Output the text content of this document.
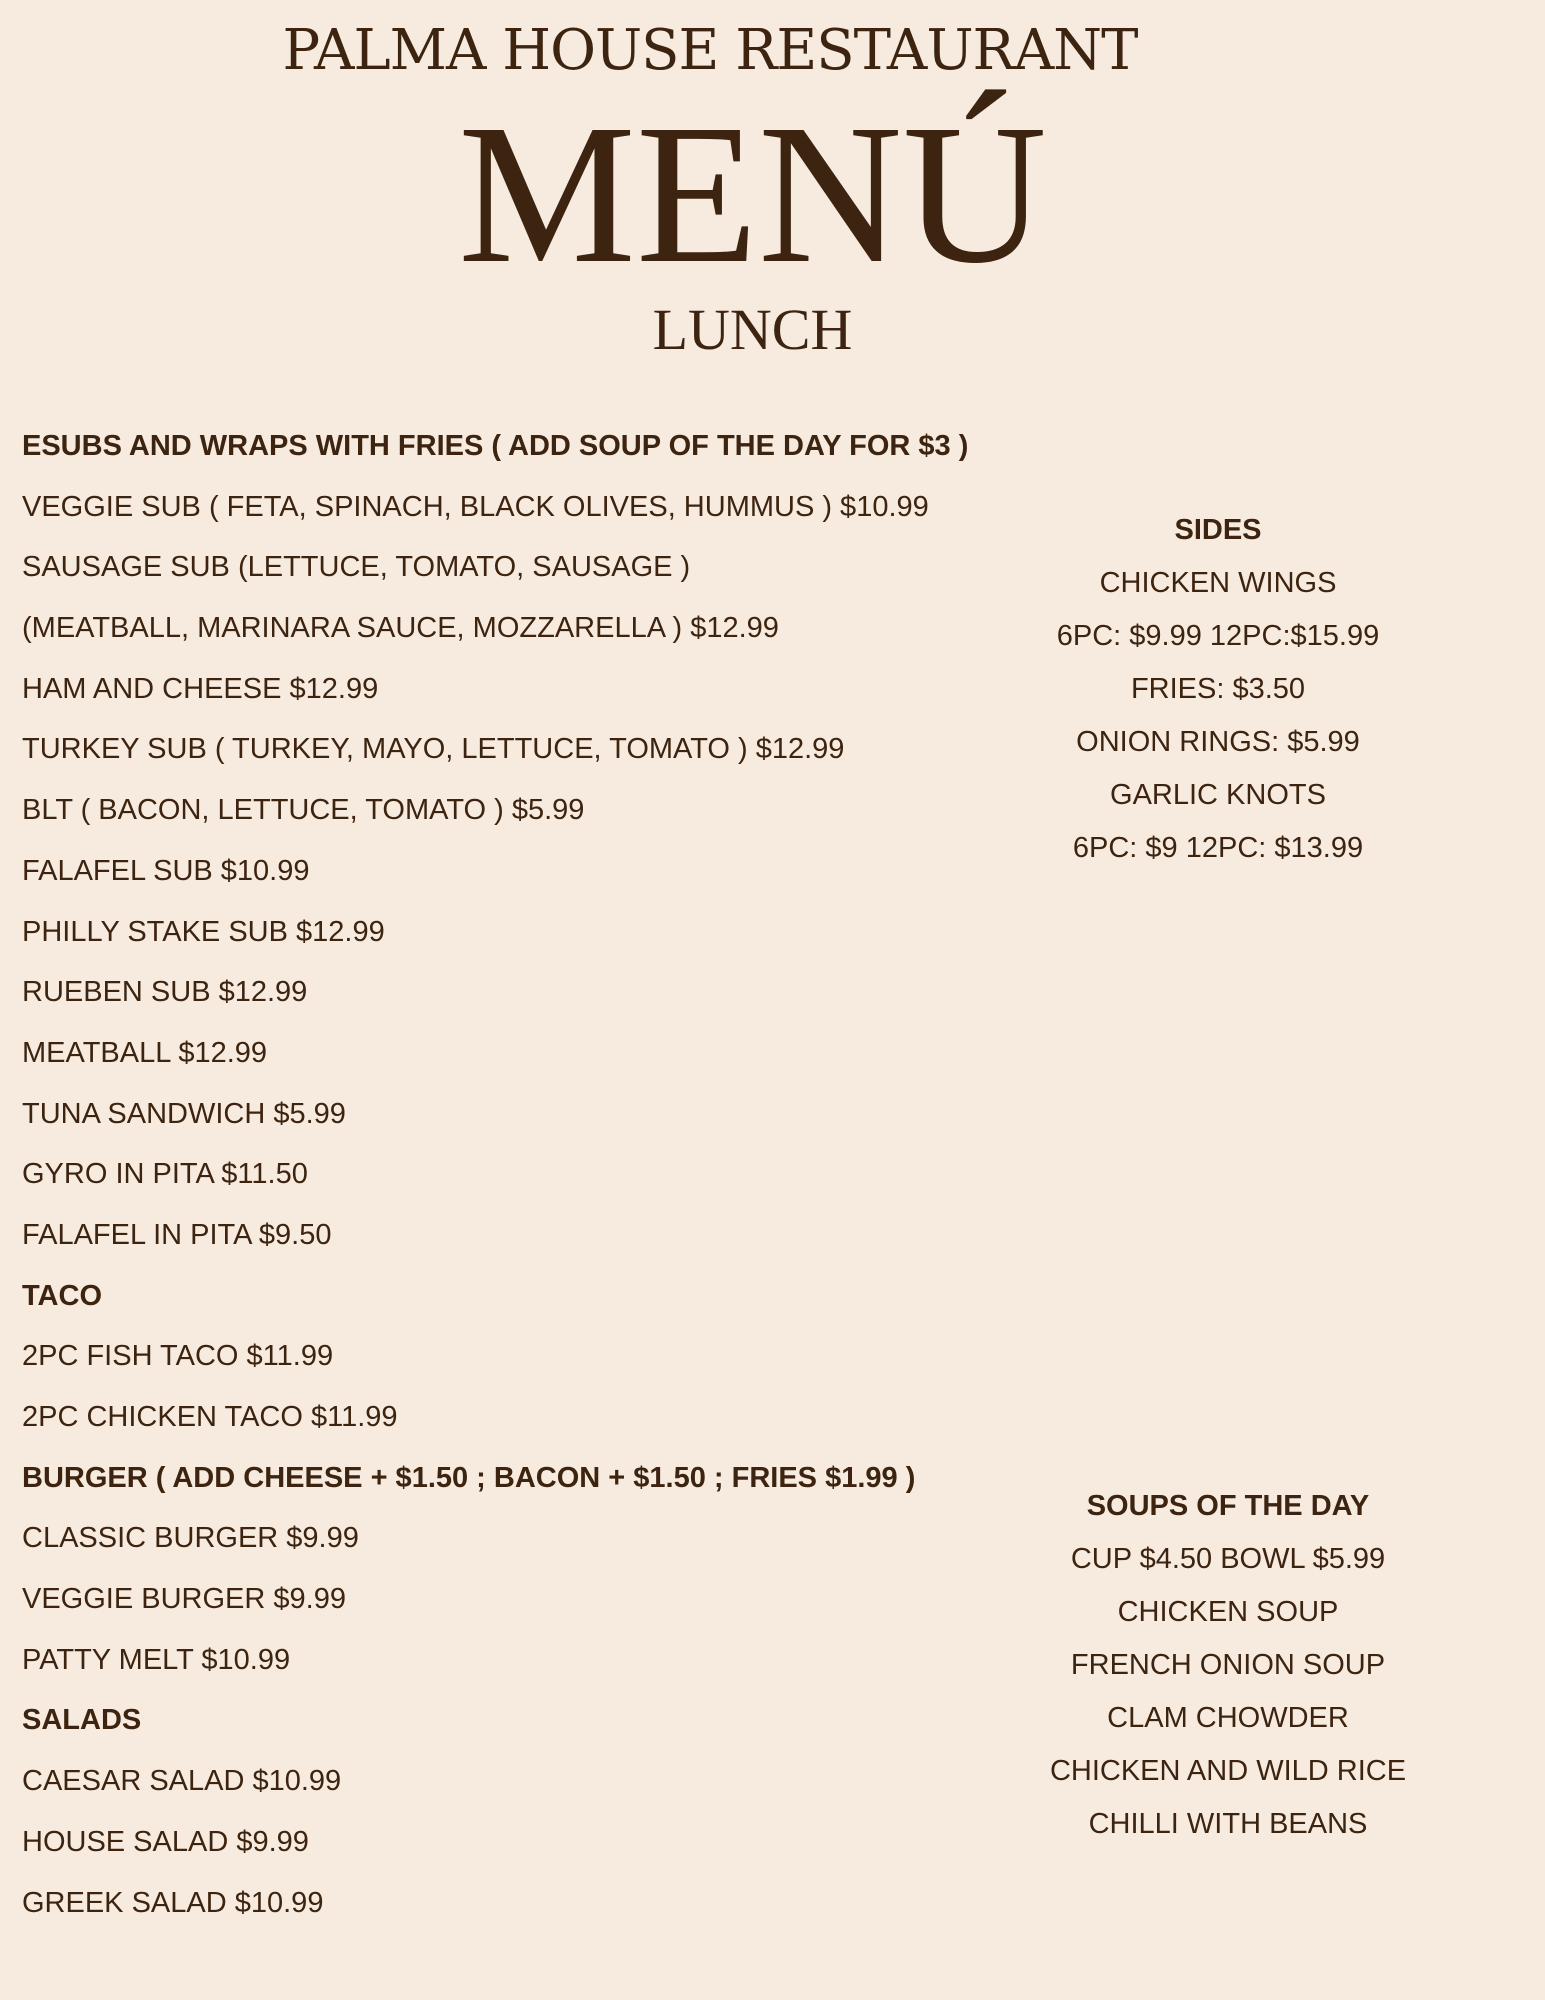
PALMA HOUSE RESTAURANT
MENÚ
LUNCH
ESUBS AND WRAPS WITH FRIES ( ADD SOUP OF THE DAY FOR $3 )
VEGGIE SUB ( FETA, SPINACH, BLACK OLIVES, HUMMUS ) $10.99
SAUSAGE SUB (LETTUCE, TOMATO, SAUSAGE )
(MEATBALL, MARINARA SAUCE, MOZZARELLA ) $12.99
HAM AND CHEESE $12.99
TURKEY SUB ( TURKEY, MAYO, LETTUCE, TOMATO ) $12.99
BLT ( BACON, LETTUCE, TOMATO ) $5.99
FALAFEL SUB $10.99
PHILLY STAKE SUB $12.99
RUEBEN SUB $12.99
MEATBALL $12.99
TUNA SANDWICH $5.99
GYRO IN PITA $11.50
FALAFEL IN PITA $9.50
TACO
2PC FISH TACO $11.99
2PC CHICKEN TACO $11.99
BURGER ( ADD CHEESE + $1.50 ; BACON + $1.50 ; FRIES $1.99 )
CLASSIC BURGER $9.99
VEGGIE BURGER $9.99
PATTY MELT $10.99
SALADS
CAESAR SALAD $10.99
HOUSE SALAD $9.99
GREEK SALAD $10.99
SIDES
CHICKEN WINGS
6PC: $9.99 12PC:$15.99
FRIES: $3.50
ONION RINGS: $5.99
GARLIC KNOTS
6PC: $9 12PC: $13.99
SOUPS OF THE DAY
CUP $4.50 BOWL $5.99
CHICKEN SOUP
FRENCH ONION SOUP
CLAM CHOWDER
CHICKEN AND WILD RICE
CHILLI WITH BEANS
